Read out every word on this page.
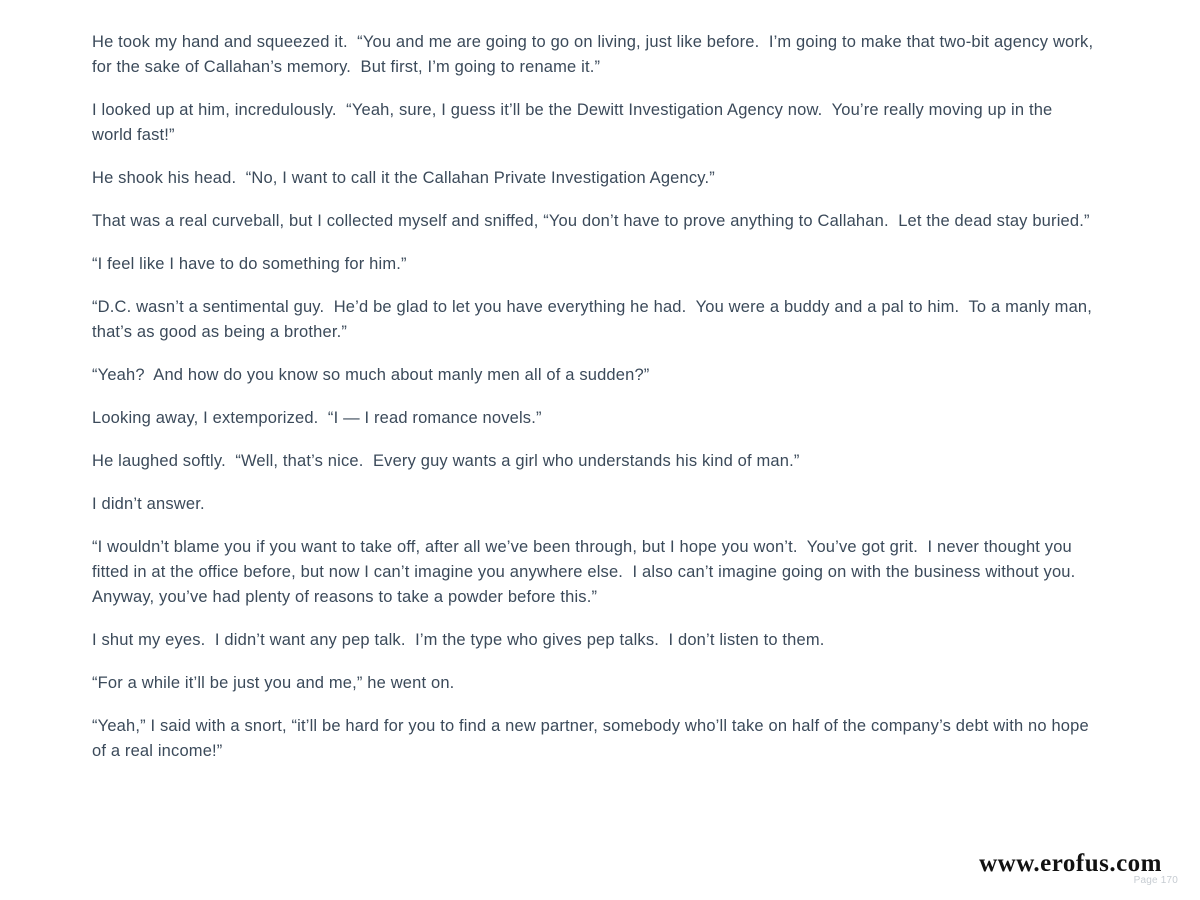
He took my hand and squeezed it.  “You and me are going to go on living, just like before.  I’m going to make that two-bit agency work, for the sake of Callahan’s memory.  But first, I’m going to rename it.”

I looked up at him, incredulously.  “Yeah, sure, I guess it’ll be the Dewitt Investigation Agency now.  You’re really moving up in the world fast!”

He shook his head.  “No, I want to call it the Callahan Private Investigation Agency.”

That was a real curveball, but I collected myself and sniffed, “You don’t have to prove anything to Callahan.  Let the dead stay buried.”

“I feel like I have to do something for him.”

“D.C. wasn’t a sentimental guy.  He’d be glad to let you have everything he had.  You were a buddy and a pal to him.  To a manly man, that’s as good as being a brother.”

“Yeah?  And how do you know so much about manly men all of a sudden?”

Looking away, I extemporized.  “I — I read romance novels.”

He laughed softly.  “Well, that’s nice.  Every guy wants a girl who understands his kind of man.”

I didn’t answer.

“I wouldn’t blame you if you want to take off, after all we’ve been through, but I hope you won’t.  You’ve got grit.  I never thought you fitted in at the office before, but now I can’t imagine you anywhere else.  I also can’t imagine going on with the business without you.  Anyway, you’ve had plenty of reasons to take a powder before this.”

I shut my eyes.  I didn’t want any pep talk.  I’m the type who gives pep talks.  I don’t listen to them.

“For a while it’ll be just you and me,” he went on.

“Yeah,” I said with a snort, “it’ll be hard for you to find a new partner, somebody who’ll take on half of the company’s debt with no hope of a real income!”

Page 170
www.erofus.com
